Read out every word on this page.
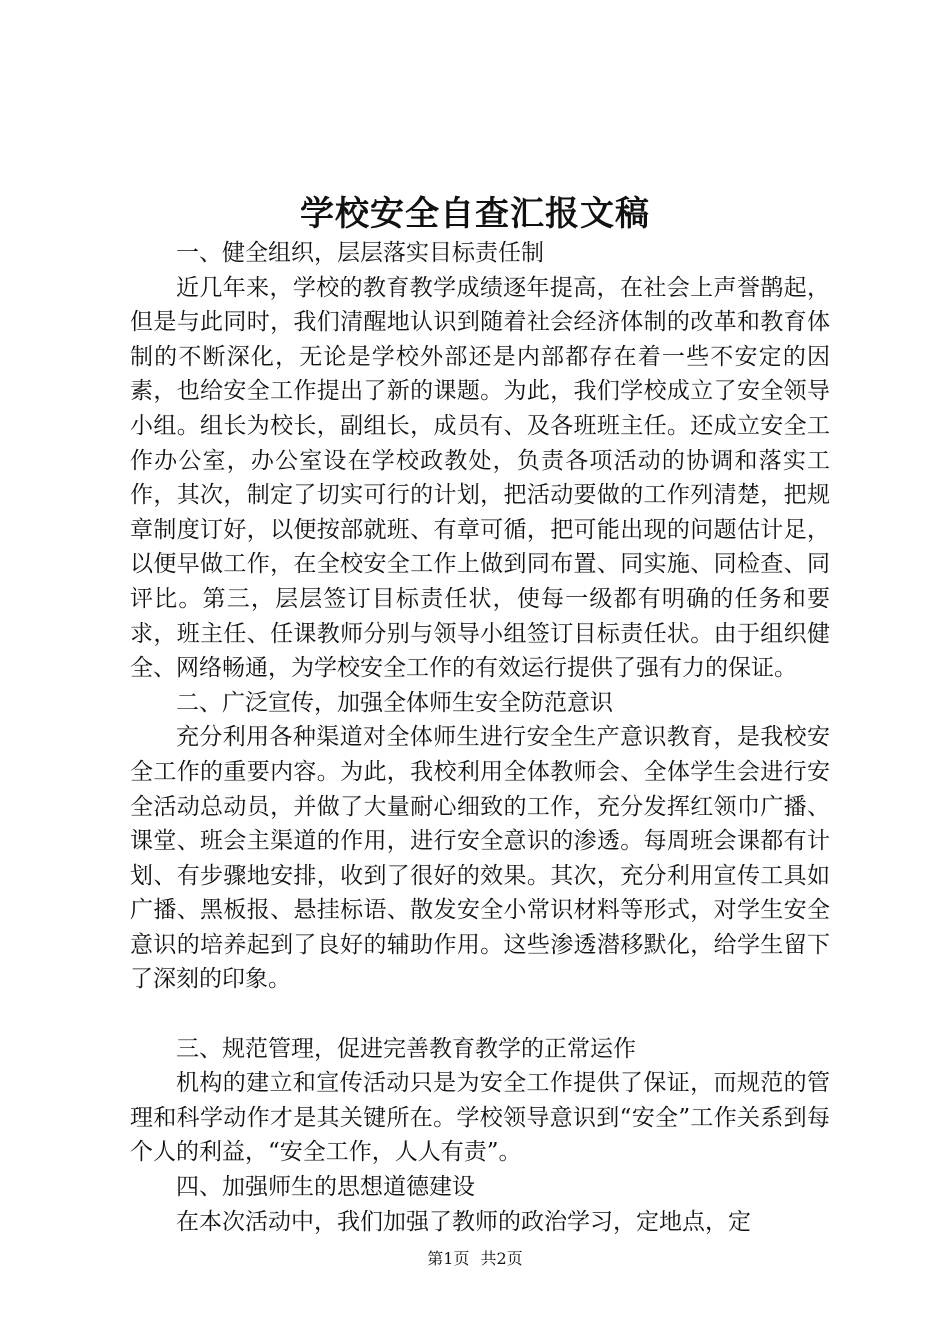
学校安全自查汇报文稿

一、健全组织，层层落实目标责任制

近几年来，学校的教育教学成绩逐年提高，在社会上声誉鹊起，但是与此同时，我们清醒地认识到随着社会经济体制的改革和教育体制的不断深化，无论是学校外部还是内部都存在着一些不安定的因素，也给安全工作提出了新的课题。为此，我们学校成立了安全领导小组。组长为校长，副组长，成员有、及各班班主任。还成立安全工作办公室，办公室设在学校政教处，负责各项活动的协调和落实工作，其次，制定了切实可行的计划，把活动要做的工作列清楚，把规章制度订好，以便按部就班、有章可循，把可能出现的问题估计足，以便早做工作，在全校安全工作上做到同布置、同实施、同检查、同评比。第三，层层签订目标责任状，使每一级都有明确的任务和要求，班主任、任课教师分别与领导小组签订目标责任状。由于组织健全、网络畅通，为学校安全工作的有效运行提供了强有力的保证。

二、广泛宣传，加强全体师生安全防范意识

充分利用各种渠道对全体师生进行安全生产意识教育，是我校安全工作的重要内容。为此，我校利用全体教师会、全体学生会进行安全活动总动员，并做了大量耐心细致的工作，充分发挥红领巾广播、课堂、班会主渠道的作用，进行安全意识的渗透。每周班会课都有计划、有步骤地安排，收到了很好的效果。其次，充分利用宣传工具如广播、黑板报、悬挂标语、散发安全小常识材料等形式，对学生安全意识的培养起到了良好的辅助作用。这些渗透潜移默化，给学生留下了深刻的印象。

三、规范管理，促进完善教育教学的正常运作

机构的建立和宣传活动只是为安全工作提供了保证，而规范的管理和科学动作才是其关键所在。学校领导意识到“安全”工作关系到每个人的利益，“安全工作，人人有责”。

四、加强师生的思想道德建设

在本次活动中，我们加强了教师的政治学习，定地点，定

第1页 共2页
